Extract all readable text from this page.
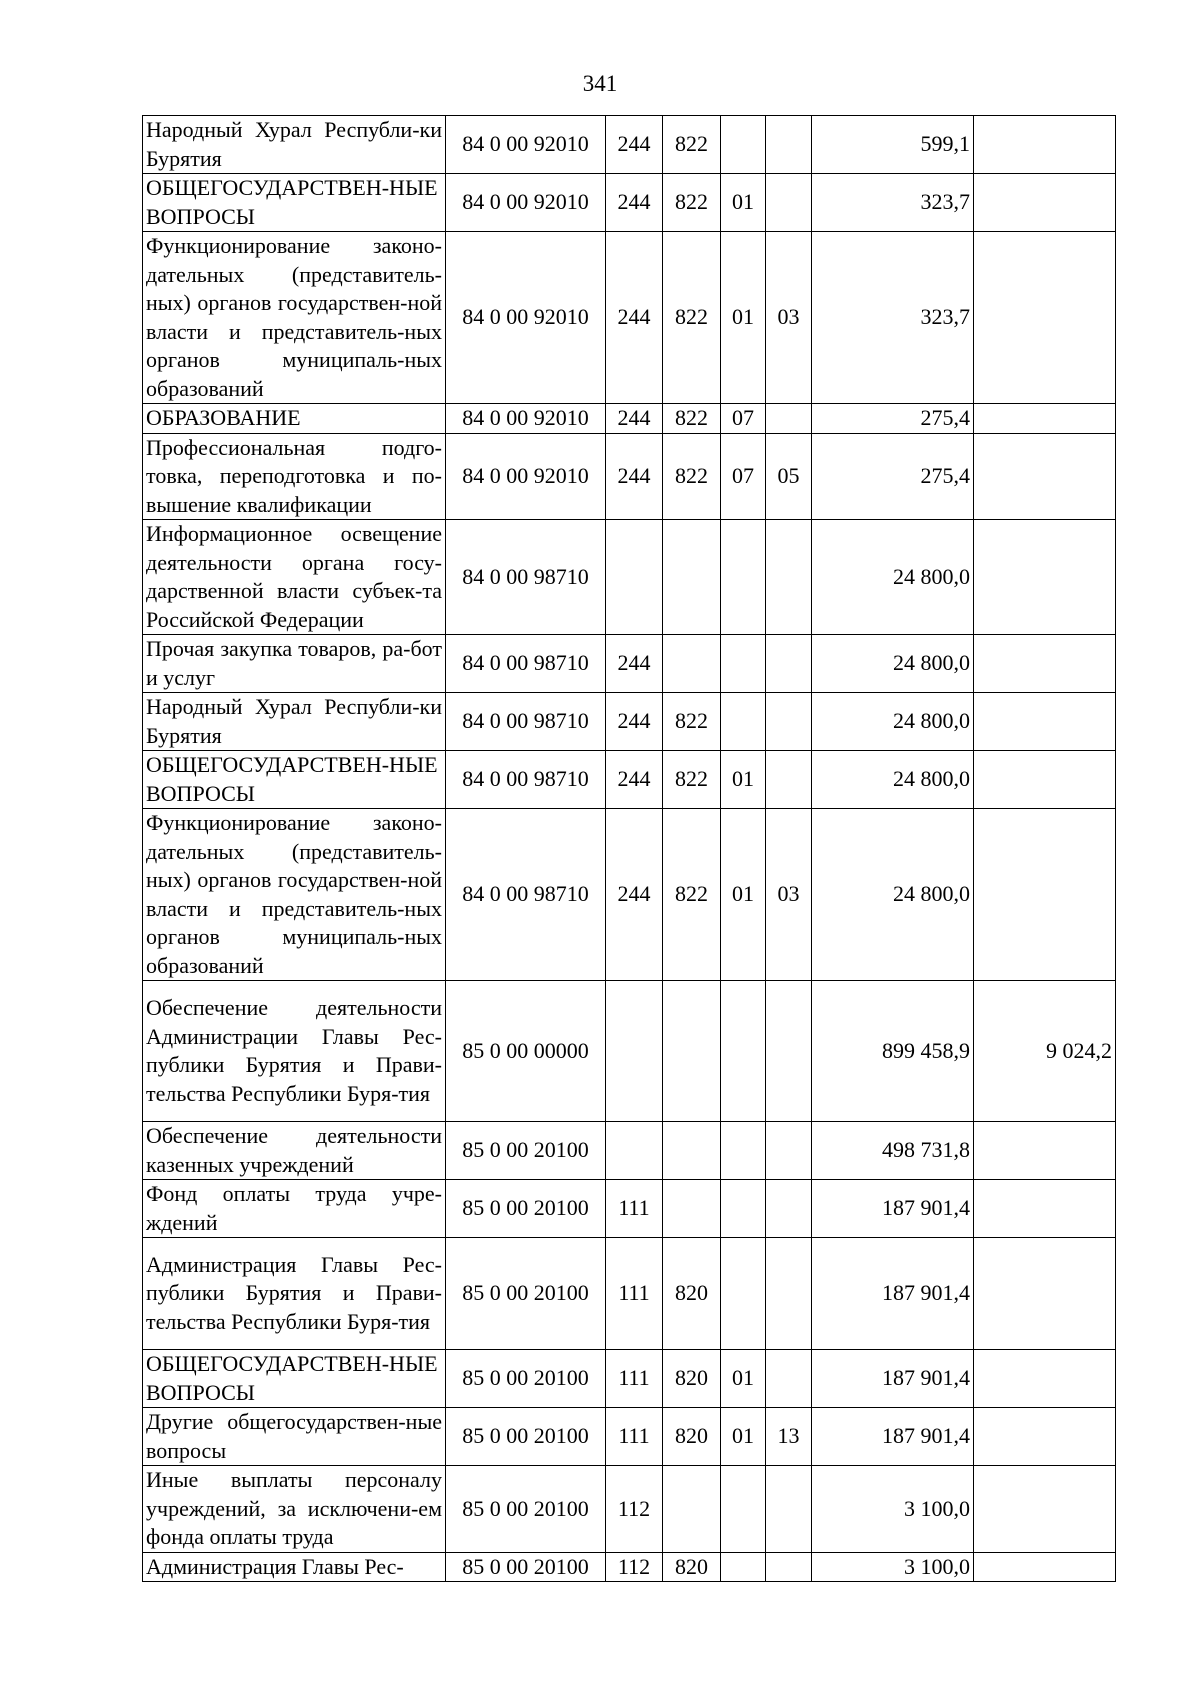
341
Народный Хурал Республи-ки Бурятия	84 0 00 92010	244	822			599,1	
ОБЩЕГОСУДАРСТВЕН-НЫЕ ВОПРОСЫ	84 0 00 92010	244	822	01		323,7	
Функционирование законо-дательных (представитель-ных) органов государствен-ной власти и представитель-ных органов муниципаль-ных образований	84 0 00 92010	244	822	01	03	323,7	
ОБРАЗОВАНИЕ	84 0 00 92010	244	822	07		275,4	
Профессиональная подго-товка, переподготовка и по-вышение квалификации	84 0 00 92010	244	822	07	05	275,4	
Информационное освещение деятельности органа госу-дарственной власти субъек-та Российской Федерации	84 0 00 98710					24 800,0	
Прочая закупка товаров, ра-бот и услуг	84 0 00 98710	244				24 800,0	
Народный Хурал Республи-ки Бурятия	84 0 00 98710	244	822			24 800,0	
ОБЩЕГОСУДАРСТВЕН-НЫЕ ВОПРОСЫ	84 0 00 98710	244	822	01		24 800,0	
Функционирование законо-дательных (представитель-ных) органов государствен-ной власти и представитель-ных органов муниципаль-ных образований	84 0 00 98710	244	822	01	03	24 800,0	
Обеспечение деятельности Администрации Главы Рес-публики Бурятия и Прави-тельства Республики Буря-тия	85 0 00 00000					899 458,9	9 024,2
Обеспечение деятельности казенных учреждений	85 0 00 20100					498 731,8	
Фонд оплаты труда учре-ждений	85 0 00 20100	111				187 901,4	
Администрация Главы Рес-публики Бурятия и Прави-тельства Республики Буря-тия	85 0 00 20100	111	820			187 901,4	
ОБЩЕГОСУДАРСТВЕН-НЫЕ ВОПРОСЫ	85 0 00 20100	111	820	01		187 901,4	
Другие общегосударствен-ные вопросы	85 0 00 20100	111	820	01	13	187 901,4	
Иные выплаты персоналу учреждений, за исключени-ем фонда оплаты труда	85 0 00 20100	112				3 100,0	
Администрация Главы Рес-	85 0 00 20100	112	820			3 100,0	
